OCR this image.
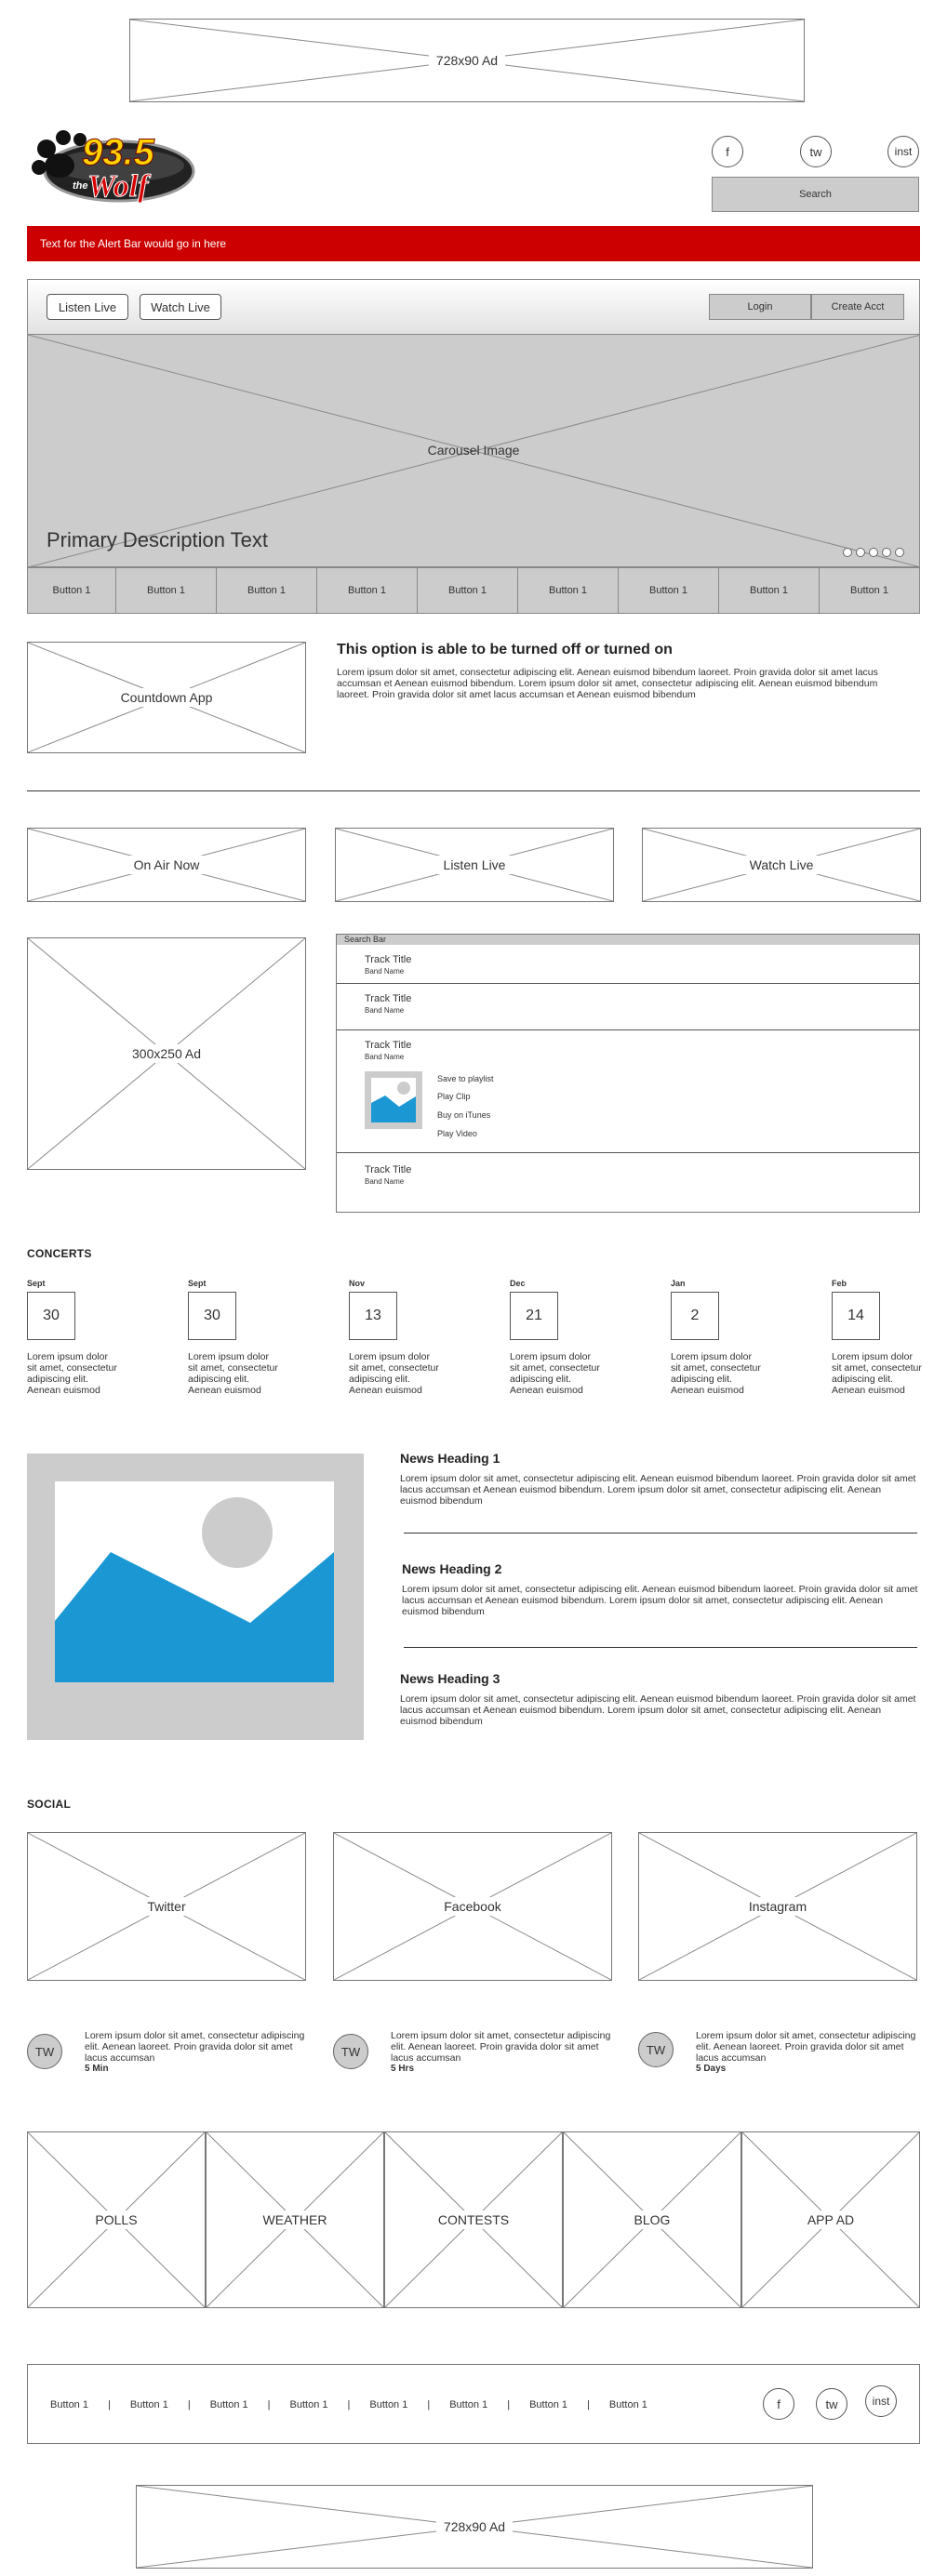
728x90 Ad
93.5
the Wolf
f	tw	inst
Search
Text for the Alert Bar would go in here
Listen Live	Watch Live	Login	Create Acct
Carousel Image
Primary Description Text
Button 1	Button 1	Button 1	Button 1	Button 1	Button 1	Button 1	Button 1	Button 1
Countdown App
This option is able to be turned off or turned on
Lorem ipsum dolor sit amet, consectetur adipiscing elit. Aenean euismod bibendum laoreet. Proin gravida dolor sit amet lacus accumsan et Aenean euismod bibendum. Lorem ipsum dolor sit amet, consectetur adipiscing elit. Aenean euismod bibendum laoreet. Proin gravida dolor sit amet lacus accumsan et Aenean euismod bibendum
On Air Now	Listen Live	Watch Live
300x250 Ad
Search Bar
Track Title
Band Name
Track Title
Band Name
Track Title
Band Name
Save to playlist
Play Clip
Buy on iTunes
Play Video
Track Title
Band Name
CONCERTS
Sept
30
Lorem ipsum dolor sit amet, consectetur adipiscing elit. Aenean euismod
Sept
30
Lorem ipsum dolor sit amet, consectetur adipiscing elit. Aenean euismod
Nov
13
Lorem ipsum dolor sit amet, consectetur adipiscing elit. Aenean euismod
Dec
21
Lorem ipsum dolor sit amet, consectetur adipiscing elit. Aenean euismod
Jan
2
Lorem ipsum dolor sit amet, consectetur adipiscing elit. Aenean euismod
Feb
14
Lorem ipsum dolor sit amet, consectetur adipiscing elit. Aenean euismod
News Heading 1
Lorem ipsum dolor sit amet, consectetur adipiscing elit. Aenean euismod bibendum laoreet. Proin gravida dolor sit amet lacus accumsan et Aenean euismod bibendum. Lorem ipsum dolor sit amet, consectetur adipiscing elit. Aenean euismod bibendum
News Heading 2
Lorem ipsum dolor sit amet, consectetur adipiscing elit. Aenean euismod bibendum laoreet. Proin gravida dolor sit amet lacus accumsan et Aenean euismod bibendum. Lorem ipsum dolor sit amet, consectetur adipiscing elit. Aenean euismod bibendum
News Heading 3
Lorem ipsum dolor sit amet, consectetur adipiscing elit. Aenean euismod bibendum laoreet. Proin gravida dolor sit amet lacus accumsan et Aenean euismod bibendum. Lorem ipsum dolor sit amet, consectetur adipiscing elit. Aenean euismod bibendum
SOCIAL
Twitter	Facebook	Instagram
TW
Lorem ipsum dolor sit amet, consectetur adipiscing elit. Aenean laoreet. Proin gravida dolor sit amet lacus accumsan
5 Min
TW
Lorem ipsum dolor sit amet, consectetur adipiscing elit. Aenean laoreet. Proin gravida dolor sit amet lacus accumsan
5 Hrs
TW
Lorem ipsum dolor sit amet, consectetur adipiscing elit. Aenean laoreet. Proin gravida dolor sit amet lacus accumsan
5 Days
POLLS	WEATHER	CONTESTS	BLOG	APP AD
Button 1 | Button 1 | Button 1 | Button 1 | Button 1 | Button 1 | Button 1 | Button 1	f	tw	inst
728x90 Ad
